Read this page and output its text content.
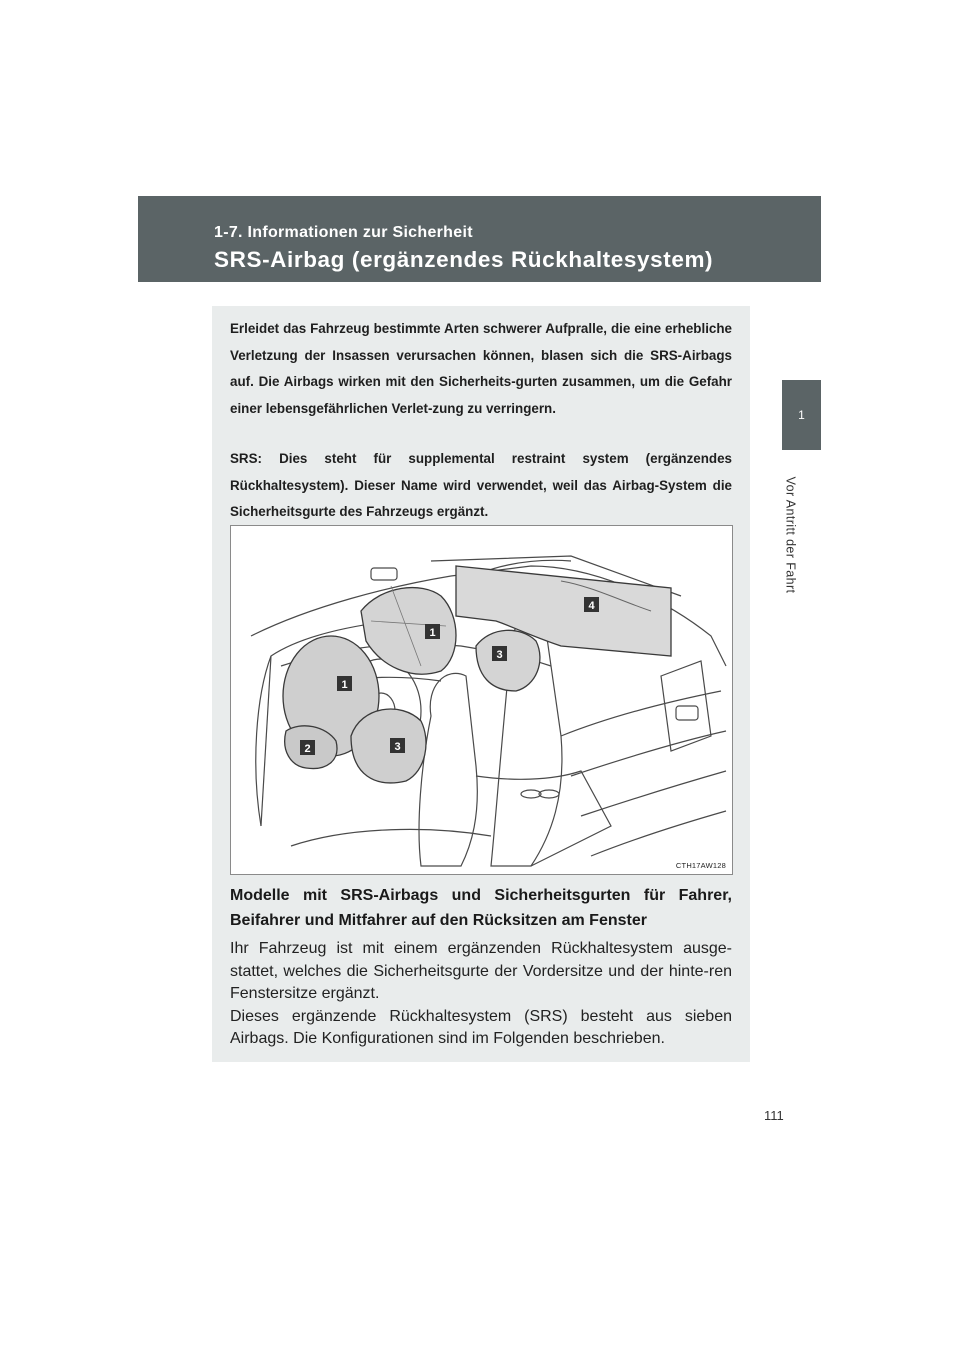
1-7. Informationen zur Sicherheit
SRS-Airbag (ergänzendes Rückhaltesystem)
1
Vor Antritt der Fahrt

Erleidet das Fahrzeug bestimmte Arten schwerer Aufpralle, die eine erhebliche Verletzung der Insassen verursachen können, blasen sich die SRS-Airbags auf. Die Airbags wirken mit den Sicherheits-gurten zusammen, um die Gefahr einer lebensgefährlichen Verlet-zung zu verringern.

SRS: Dies steht für supplemental restraint system (ergänzendes Rückhaltesystem). Dieser Name wird verwendet, weil das Airbag-System die Sicherheitsgurte des Fahrzeugs ergänzt.

1
1
2	3
3
4
CTH17AW128

Modelle mit SRS-Airbags und Sicherheitsgurten für Fahrer, Beifahrer und Mitfahrer auf den Rücksitzen am Fenster

Ihr Fahrzeug ist mit einem ergänzenden Rückhaltesystem ausge-stattet, welches die Sicherheitsgurte der Vordersitze und der hinte-ren Fenstersitze ergänzt.
Dieses ergänzende Rückhaltesystem (SRS) besteht aus sieben Airbags. Die Konfigurationen sind im Folgenden beschrieben.
111
